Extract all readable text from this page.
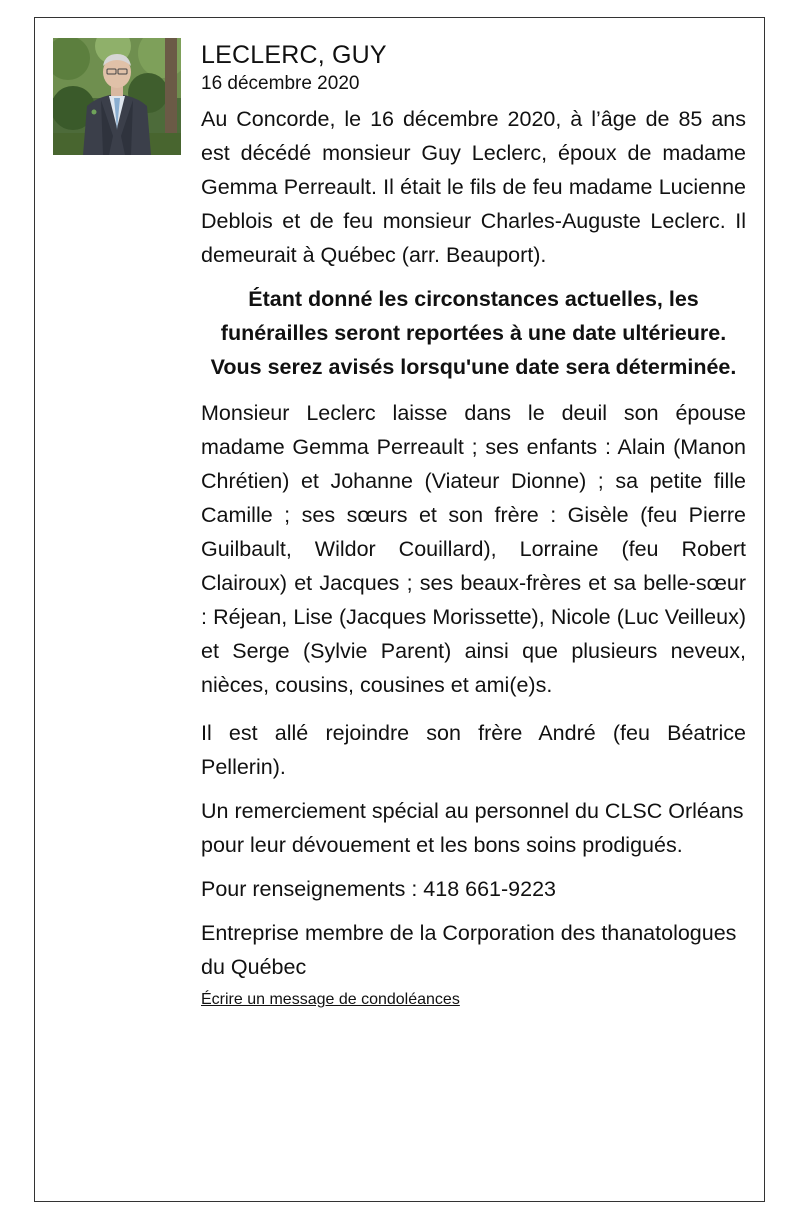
LECLERC, GUY
16 décembre 2020

Au Concorde, le 16 décembre 2020, à l’âge de 85 ans est décédé monsieur Guy Leclerc, époux de madame Gemma Perreault. Il était le fils de feu madame Lucienne Deblois et de feu monsieur Charles-Auguste Leclerc. Il demeurait à Québec (arr. Beauport).

Étant donné les circonstances actuelles, les funérailles seront reportées à une date ultérieure. Vous serez avisés lorsqu'une date sera déterminée.

Monsieur Leclerc laisse dans le deuil son épouse madame Gemma Perreault ; ses enfants : Alain (Manon Chrétien) et Johanne (Viateur Dionne) ; sa petite fille Camille ; ses sœurs et son frère : Gisèle (feu Pierre Guilbault, Wildor Couillard), Lorraine (feu Robert Clairoux) et Jacques ; ses beaux-frères et sa belle-sœur : Réjean, Lise (Jacques Morissette), Nicole (Luc Veilleux) et Serge (Sylvie Parent) ainsi que plusieurs neveux, nièces, cousins, cousines et ami(e)s.

Il est allé rejoindre son frère André (feu Béatrice Pellerin).

Un remerciement spécial au personnel du CLSC Orléans pour leur dévouement et les bons soins prodigués.

Pour renseignements : 418 661-9223

Entreprise membre de la Corporation des thanatologues du Québec

Écrire un message de condoléances
